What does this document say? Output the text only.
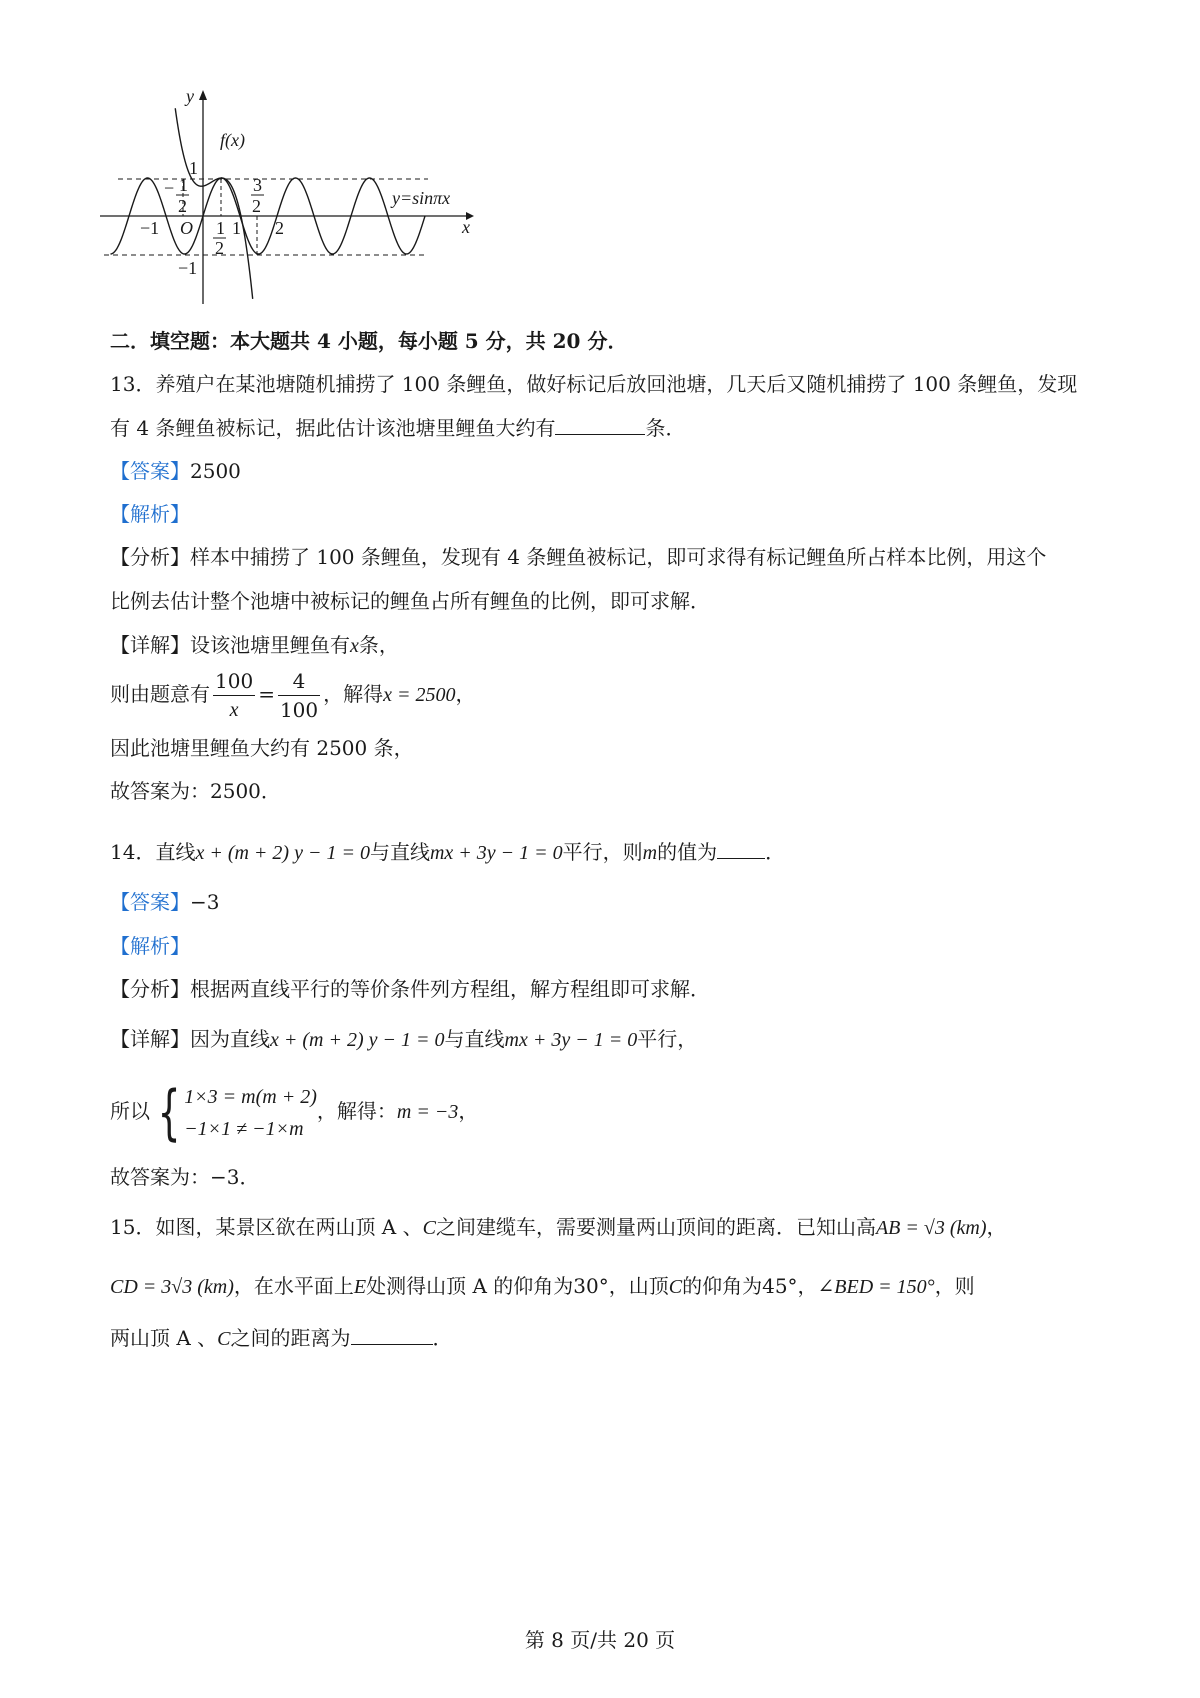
y
x
f(x)
y=sinπx
1
−1
−1 O	2
1
1
2
− 1
2
3
2
二．填空题：本大题共 4 小题，每小题 5 分，共 20 分．
13．养殖户在某池塘随机捕捞了 100 条鲤鱼，做好标记后放回池塘，几天后又随机捕捞了 100 条鲤鱼，发现
有 4 条鲤鱼被标记，据此估计该池塘里鲤鱼大约有	条．
【答案】2500
【解析】
【分析】样本中捕捞了 100 条鲤鱼，发现有 4 条鲤鱼被标记，即可求得有标记鲤鱼所占样本比例，用这个
比例去估计整个池塘中被标记的鲤鱼占所有鲤鱼的比例，即可求解．
【详解】设该池塘里鲤鱼有x条，
则由题意有 $\frac{100}{x} = \frac{4}{100}$ ，解得x = 2500，
因此池塘里鲤鱼大约有 2500 条，
故答案为：2500．
14．直线x + (m + 2) y − 1 = 0与直线mx + 3y − 1 = 0平行，则m的值为 ．
【答案】−3
【解析】
【分析】根据两直线平行的等价条件列方程组，解方程组即可求解．
【详解】因为直线x + (m + 2) y − 1 = 0与直线mx + 3y − 1 = 0平行，
所以 { 1×3 = m(m + 2)
−1×1 ≠ −1×m
，解得：m = −3，
故答案为：−3．
15．如图，某景区欲在两山顶 A 、C之间建缆车，需要测量两山顶间的距离．已知山高AB = √3 (km)，
CD = 3√3 (km)，在水平面上E处测得山顶 A 的仰角为30°，山顶C的仰角为45°，∠BED = 150°，则
两山顶 A 、C之间的距离为	．
第 8 页/共 20 页
